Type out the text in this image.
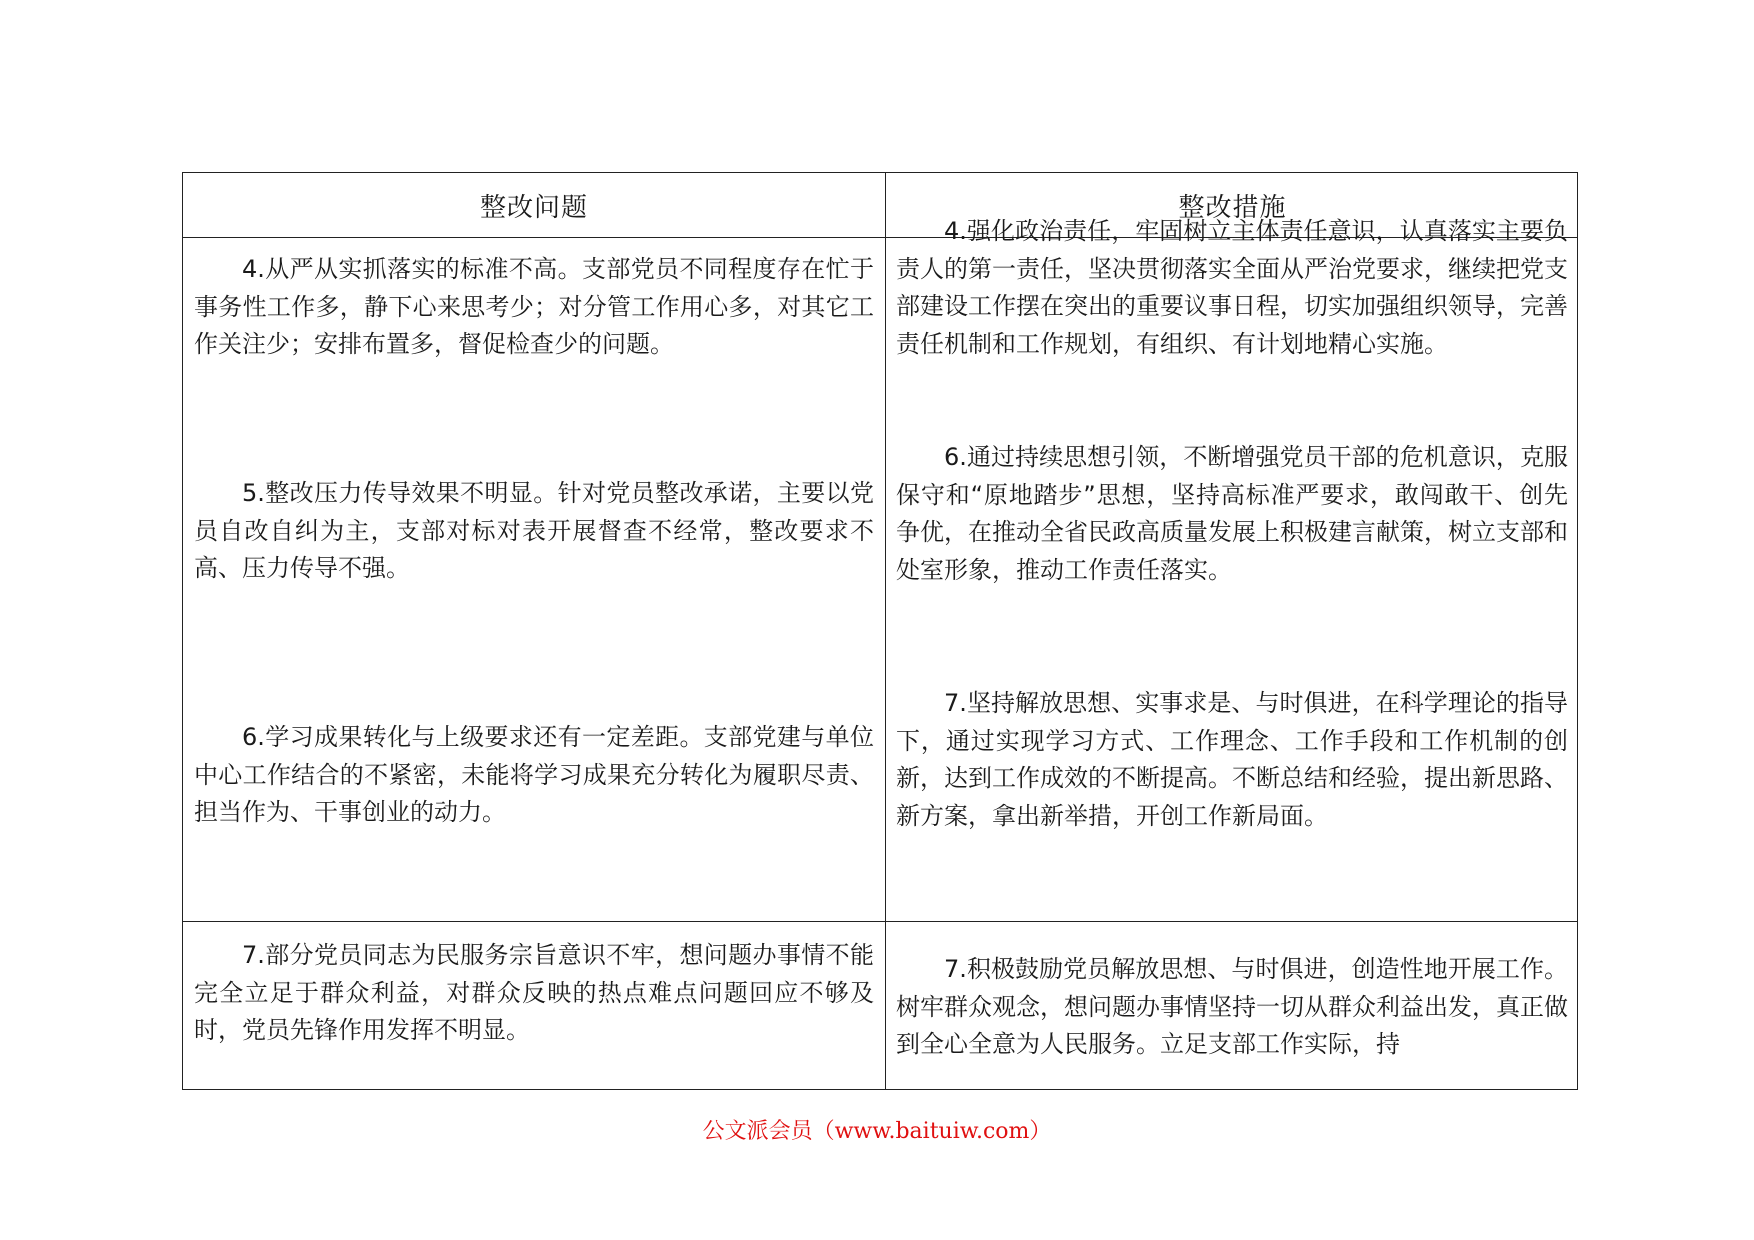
整改问题	整改措施

4.从严从实抓落实的标准不高。支部党员不同程度存在忙于事务性工作多，静下心来思考少；对分管工作用心多，对其它工作关注少；安排布置多，督促检查少的问题。

5.整改压力传导效果不明显。针对党员整改承诺，主要以党员自改自纠为主，支部对标对表开展督查不经常，整改要求不高、压力传导不强。

6.学习成果转化与上级要求还有一定差距。支部党建与单位中心工作结合的不紧密，未能将学习成果充分转化为履职尽责、担当作为、干事创业的动力。

7.部分党员同志为民服务宗旨意识不牢，想问题办事情不能完全立足于群众利益，对群众反映的热点难点问题回应不够及时，党员先锋作用发挥不明显。

4.强化政治责任，牢固树立主体责任意识，认真落实主要负责人的第一责任，坚决贯彻落实全面从严治党要求，继续把党支部建设工作摆在突出的重要议事日程，切实加强组织领导，完善责任机制和工作规划，有组织、有计划地精心实施。

6.通过持续思想引领，不断增强党员干部的危机意识，克服保守和“原地踏步”思想，坚持高标准严要求，敢闯敢干、创先争优，在推动全省民政高质量发展上积极建言献策，树立支部和处室形象，推动工作责任落实。

7.坚持解放思想、实事求是、与时俱进，在科学理论的指导下，通过实现学习方式、工作理念、工作手段和工作机制的创新，达到工作成效的不断提高。不断总结和经验，提出新思路、新方案，拿出新举措，开创工作新局面。

7.积极鼓励党员解放思想、与时俱进，创造性地开展工作。树牢群众观念，想问题办事情坚持一切从群众利益出发，真正做到全心全意为人民服务。立足支部工作实际，持

公文派会员（www.baituiw.com）
